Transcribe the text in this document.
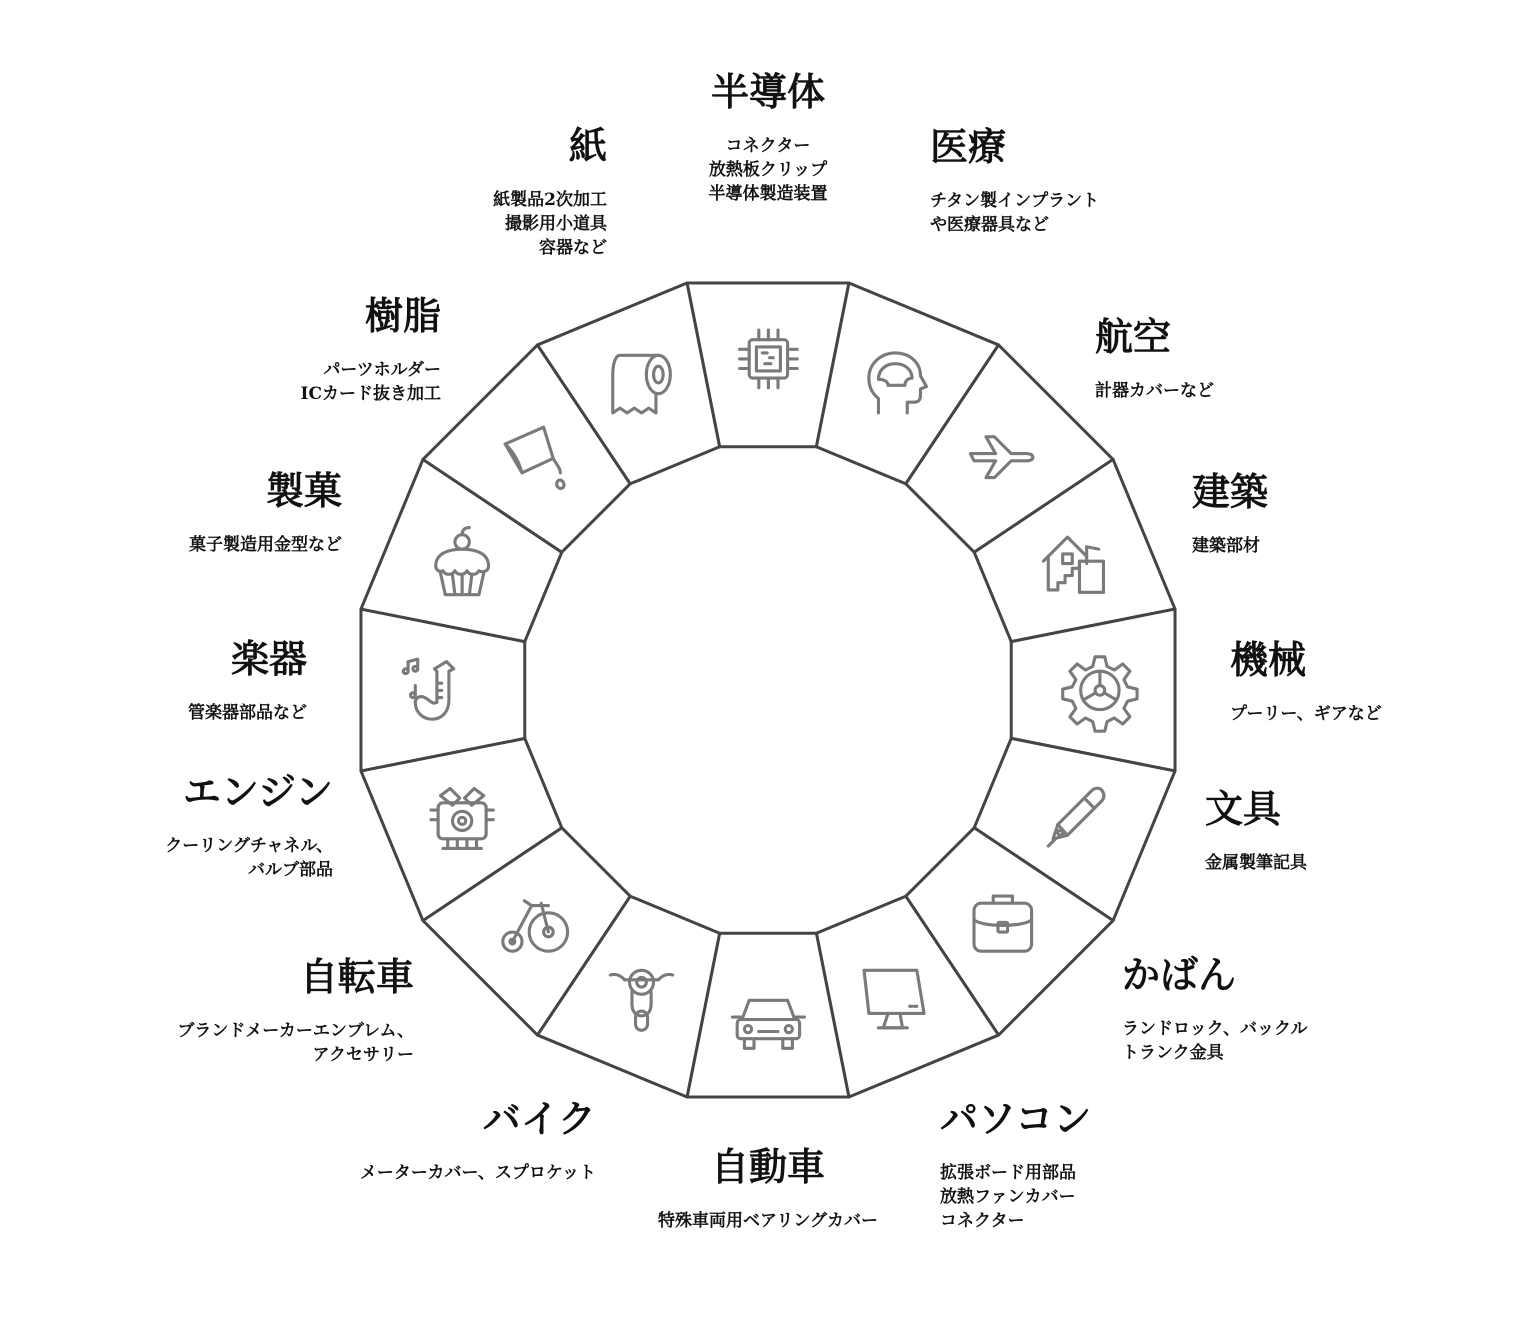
半導体
コネクター
放熱板クリップ
半導体製造装置
医療
チタン製インプラント
や医療器具など
航空
計器カバーなど
建築
建築部材
機械
プーリー、ギアなど
文具
金属製筆記具
かばん
ランドロック、バックル
トランク金具
パソコン
拡張ボード用部品
放熱ファンカバー
コネクター
自動車
特殊車両用ベアリングカバー
バイク
メーターカバー、スプロケット
自転車
ブランドメーカーエンブレム、
アクセサリー
エンジン
クーリングチャネル、
バルブ部品
楽器
管楽器部品など
製菓
菓子製造用金型など
樹脂
パーツホルダー
ICカード抜き加工
紙
紙製品2次加工
撮影用小道具
容器など
